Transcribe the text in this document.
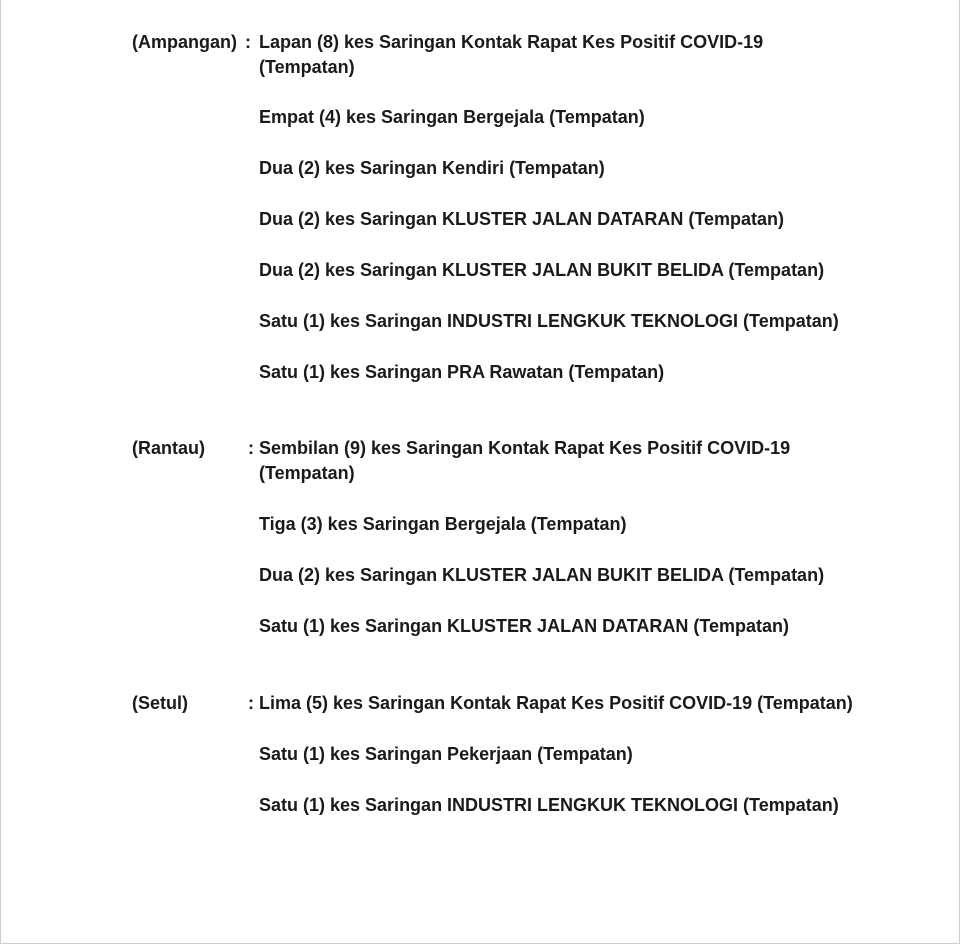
(Ampangan) : Lapan (8) kes Saringan Kontak Rapat Kes Positif COVID-19
(Tempatan)
Empat (4) kes Saringan Bergejala (Tempatan)
Dua (2) kes Saringan Kendiri (Tempatan)
Dua (2) kes Saringan KLUSTER JALAN DATARAN (Tempatan)
Dua (2) kes Saringan KLUSTER JALAN BUKIT BELIDA (Tempatan)
Satu (1) kes Saringan INDUSTRI LENGKUK TEKNOLOGI (Tempatan)
Satu (1) kes Saringan PRA Rawatan (Tempatan)
(Rantau) : Sembilan (9) kes Saringan Kontak Rapat Kes Positif COVID-19
(Tempatan)
Tiga (3) kes Saringan Bergejala (Tempatan)
Dua (2) kes Saringan KLUSTER JALAN BUKIT BELIDA (Tempatan)
Satu (1) kes Saringan KLUSTER JALAN DATARAN (Tempatan)
(Setul)	: Lima (5) kes Saringan Kontak Rapat Kes Positif COVID-19 (Tempatan)
Satu (1) kes Saringan Pekerjaan (Tempatan)
Satu (1) kes Saringan INDUSTRI LENGKUK TEKNOLOGI (Tempatan)
